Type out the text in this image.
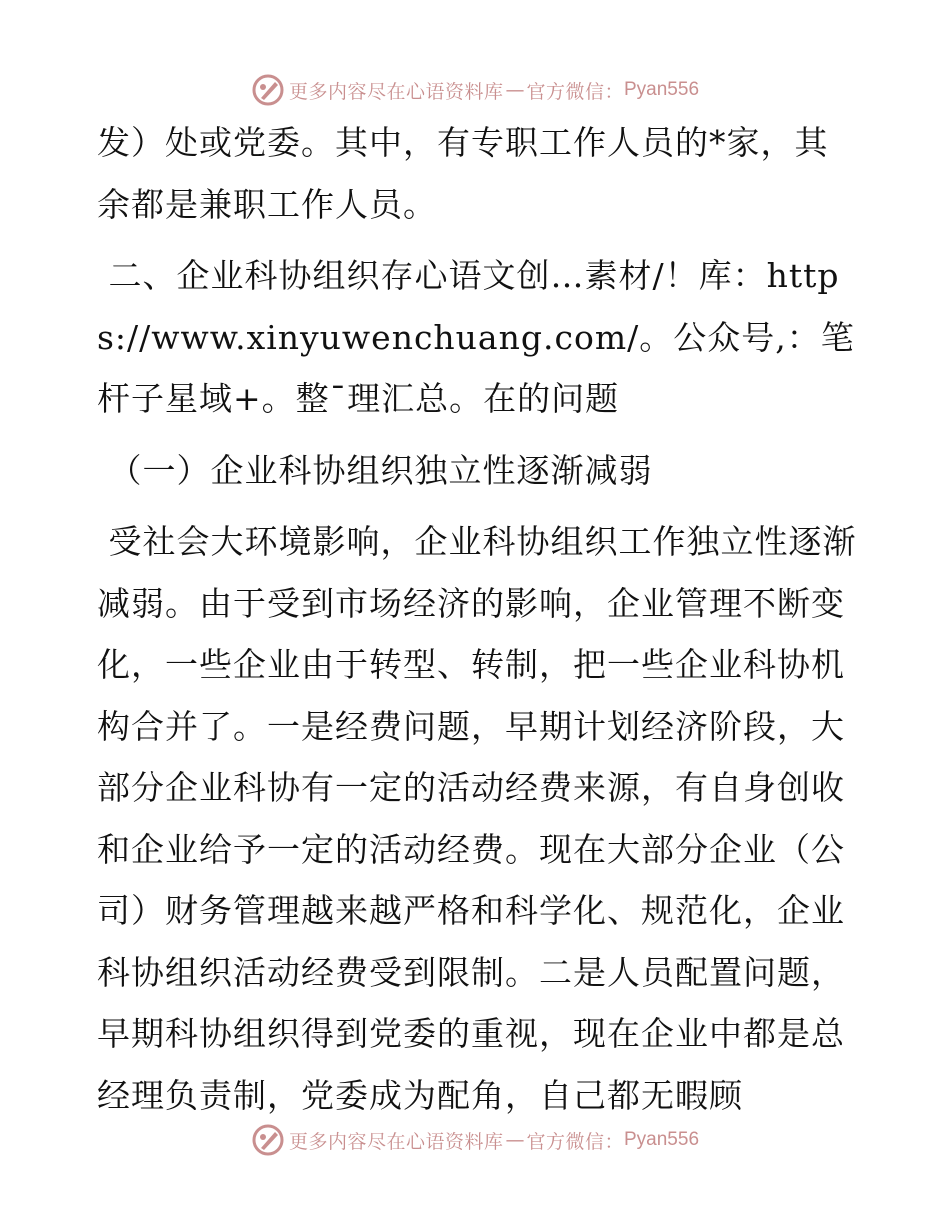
更多内容尽在心语资料库 — 官方微信： Pyan556

发）处或党委。其中，有专职工作人员的*家，其余都是兼职工作人员。

二、企业科协组织存心语文创…素材/！库：https://www.xinyuwenchuang.com/。公众号,：笔杆子星域+。整¯理汇总。在的问题

（一）企业科协组织独立性逐渐减弱

受社会大环境影响，企业科协组织工作独立性逐渐减弱。由于受到市场经济的影响，企业管理不断变化，一些企业由于转型、转制，把一些企业科协机构合并了。一是经费问题，早期计划经济阶段，大部分企业科协有一定的活动经费来源，有自身创收和企业给予一定的活动经费。现在大部分企业（公司）财务管理越来越严格和科学化、规范化，企业科协组织活动经费受到限制。二是人员配置问题，早期科协组织得到党委的重视，现在企业中都是总经理负责制，党委成为配角，自己都无暇顾

更多内容尽在心语资料库 — 官方微信： Pyan556
